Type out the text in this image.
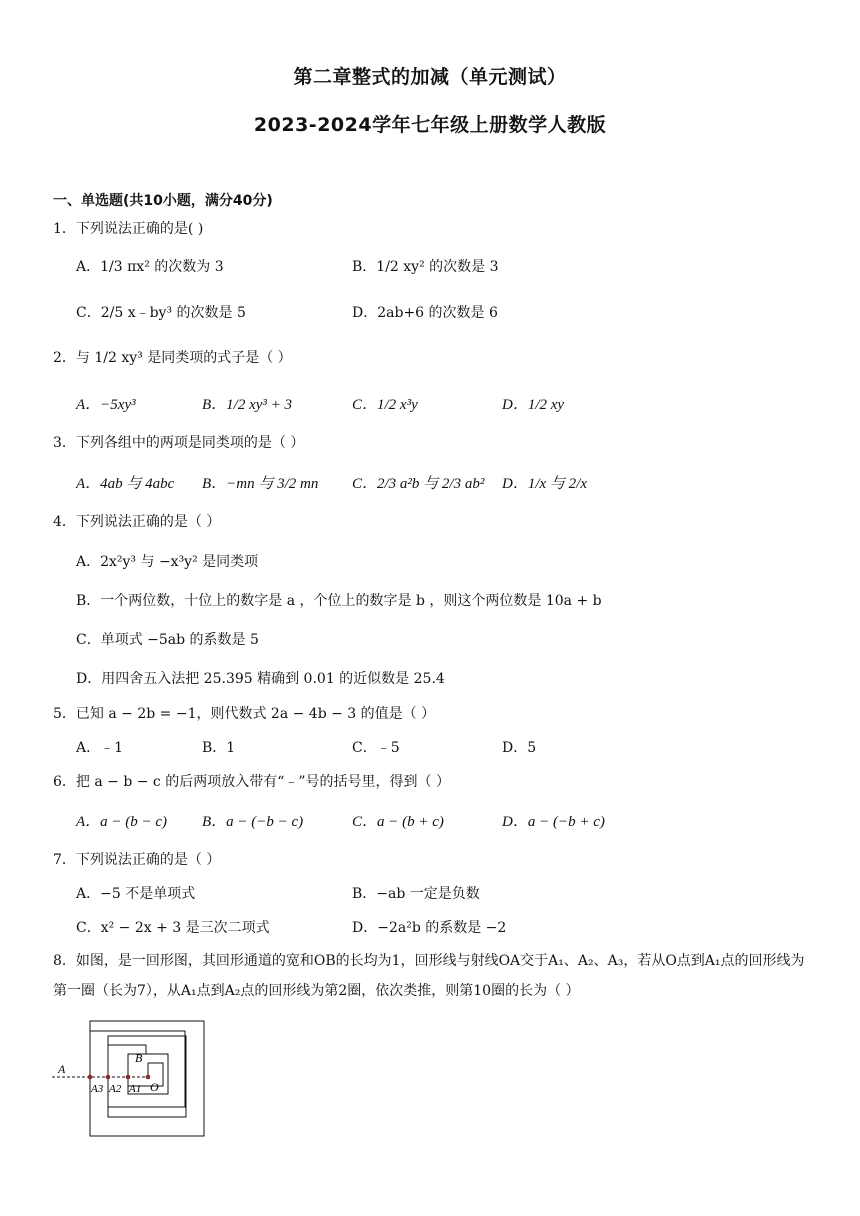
第二章整式的加减（单元测试）
2023-2024学年七年级上册数学人教版
一、单选题(共10小题，满分40分)
1．下列说法正确的是( )
A．1/3 πx² 的次数为 3	B．1/2 xy² 的次数是 3
C．2/5 x﹣by³ 的次数是 5	D．2ab+6 的次数是 6
2．与 1/2 xy³ 是同类项的式子是（ ）
A．−5xy³	B．1/2 xy³ + 3	C．1/2 x³y	D．1/2 xy
3．下列各组中的两项是同类项的是（ ）
A．4ab 与 4abc B．−mn 与 3/2 mn C．2/3 a²b 与 2/3 ab² D．1/x 与 2/x
4．下列说法正确的是（ ）
A．2x²y³ 与 −x³y² 是同类项
B．一个两位数，十位上的数字是 a ，个位上的数字是 b ，则这个两位数是 10a + b
C．单项式 −5ab 的系数是 5
D．用四舍五入法把 25.395 精确到 0.01 的近似数是 25.4
5．已知 a − 2b = −1，则代数式 2a − 4b − 3 的值是（ ）
A．﹣1	B．1	C．﹣5	D．5
6．把 a − b − c 的后两项放入带有“﹣”号的括号里，得到（ ）
A．a − (b − c) B．a − (−b − c)	C．a − (b + c)	D．a − (−b + c)
7．下列说法正确的是（ ）
A．−5 不是单项式	B．−ab 一定是负数
C．x² − 2x + 3 是三次二项式	D．−2a²b 的系数是 −2
8．如图，是一回形图，其回形通道的宽和OB的长均为1，回形线与射线OA交于A₁、A₂、A₃，若从O点到A₁点的回形线为第一圈（长为7），从A₁点到A₂点的回形线为第2圈，依次类推，则第10圈的长为（ ）
A
B
O
A1
A2
A3
